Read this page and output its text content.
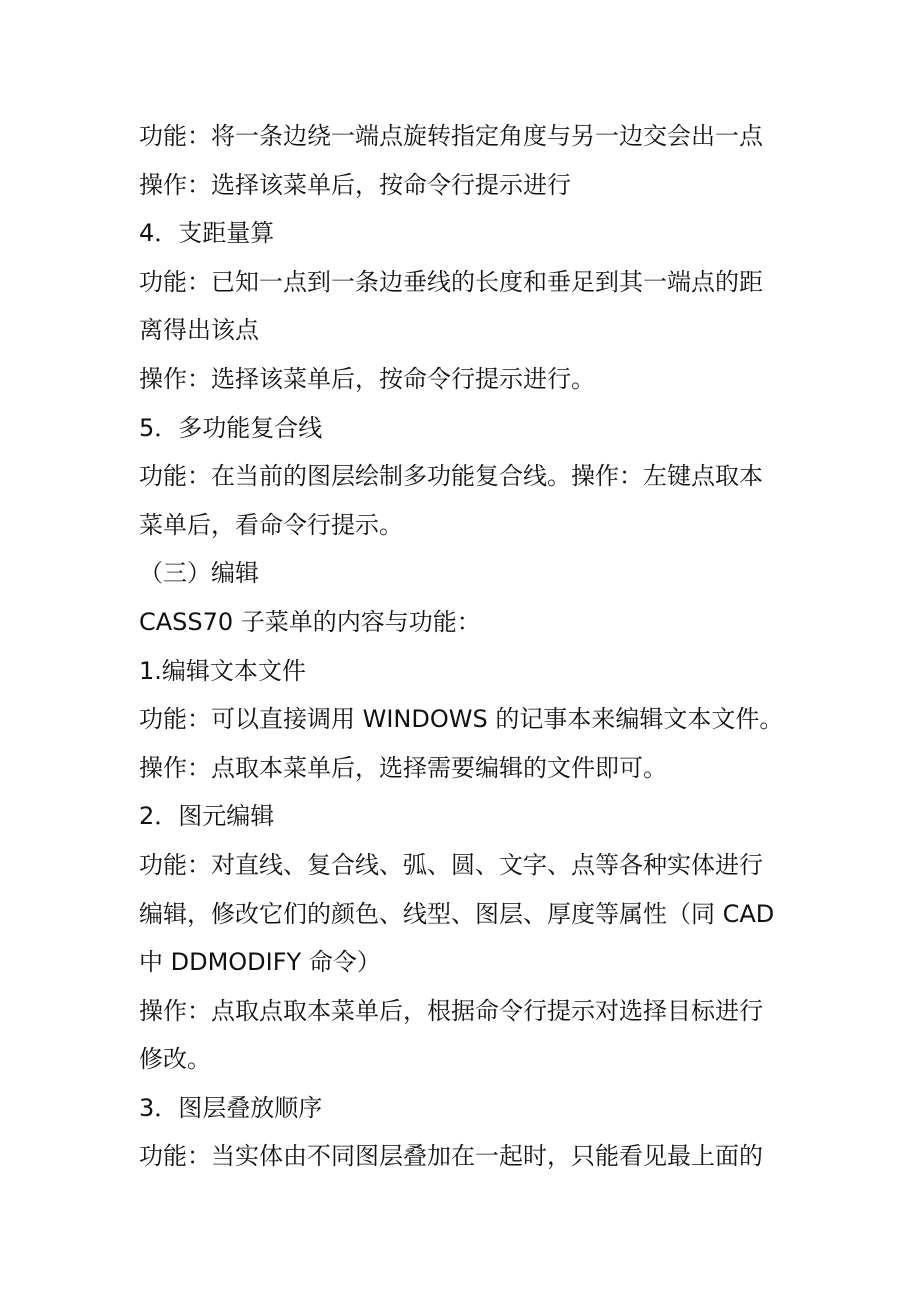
功能：将一条边绕一端点旋转指定角度与另一边交会出一点
操作：选择该菜单后，按命令行提示进行
4．支距量算
功能：已知一点到一条边垂线的长度和垂足到其一端点的距
离得出该点
操作：选择该菜单后，按命令行提示进行。
5．多功能复合线
功能：在当前的图层绘制多功能复合线。操作：左键点取本
菜单后，看命令行提示。
（三）编辑
CASS70 子菜单的内容与功能：
1.编辑文本文件
功能：可以直接调用 WINDOWS 的记事本来编辑文本文件。
操作：点取本菜单后，选择需要编辑的文件即可。
2．图元编辑
功能：对直线、复合线、弧、圆、文字、点等各种实体进行
编辑，修改它们的颜色、线型、图层、厚度等属性（同 CAD
中 DDMODIFY 命令）
操作：点取点取本菜单后，根据命令行提示对选择目标进行
修改。
3．图层叠放顺序
功能：当实体由不同图层叠加在一起时，只能看见最上面的
